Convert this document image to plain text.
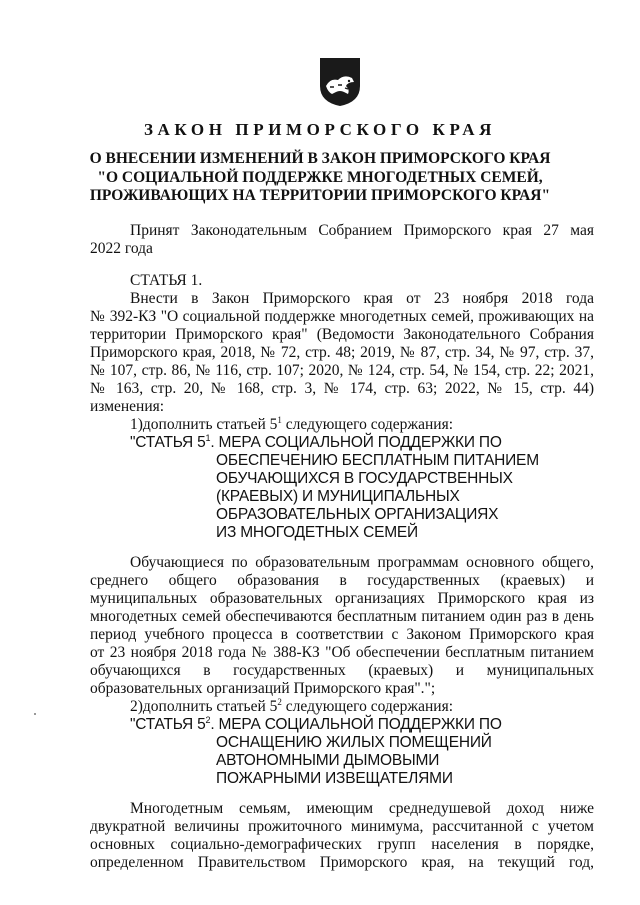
ЗАКОН ПРИМОРСКОГО КРАЯ
О ВНЕСЕНИИ ИЗМЕНЕНИЙ В ЗАКОН ПРИМОРСКОГО КРАЯ
"О СОЦИАЛЬНОЙ ПОДДЕРЖКЕ МНОГОДЕТНЫХ СЕМЕЙ,
ПРОЖИВАЮЩИХ НА ТЕРРИТОРИИ ПРИМОРСКОГО КРАЯ"
Принят Законодательным Собранием Приморского края 27 мая
2022 года
СТАТЬЯ 1.
Внести в Закон Приморского края от 23 ноября 2018 года
№ 392-КЗ "О социальной поддержке многодетных семей, проживающих на
территории Приморского края" (Ведомости Законодательного Собрания
Приморского края, 2018, № 72, стр. 48; 2019, № 87, стр. 34, № 97, стр. 37,
№ 107, стр. 86, № 116, стр. 107; 2020, № 124, стр. 54, № 154, стр. 22; 2021,
№ 163, стр. 20, № 168, стр. 3, № 174, стр. 63; 2022, № 15, стр. 44)
изменения:
1)дополнить статьей $5^1$ следующего содержания:
"СТАТЬЯ $5^1$. МЕРА СОЦИАЛЬНОЙ ПОДДЕРЖКИ ПО
ОБЕСПЕЧЕНИЮ БЕСПЛАТНЫМ ПИТАНИЕМ
ОБУЧАЮЩИХСЯ В ГОСУДАРСТВЕННЫХ
(КРАЕВЫХ) И МУНИЦИПАЛЬНЫХ
ОБРАЗОВАТЕЛЬНЫХ ОРГАНИЗАЦИЯХ
ИЗ МНОГОДЕТНЫХ СЕМЕЙ
Обучающиеся по образовательным программам основного общего,
среднего общего образования в государственных (краевых) и
муниципальных образовательных организациях Приморского края из
многодетных семей обеспечиваются бесплатным питанием один раз в день
период учебного процесса в соответствии с Законом Приморского края
от 23 ноября 2018 года № 388-КЗ "Об обеспечении бесплатным питанием
обучающихся в государственных (краевых) и муниципальных
образовательных организаций Приморского края".";
2)дополнить статьей $5^2$ следующего содержания:
"СТАТЬЯ $5^2$. МЕРА СОЦИАЛЬНОЙ ПОДДЕРЖКИ ПО
ОСНАЩЕНИЮ ЖИЛЫХ ПОМЕЩЕНИЙ
АВТОНОМНЫМИ ДЫМОВЫМИ
ПОЖАРНЫМИ ИЗВЕЩАТЕЛЯМИ
Многодетным семьям, имеющим среднедушевой доход ниже
двукратной величины прожиточного минимума, рассчитанной с учетом
основных социально-демографических групп населения в порядке,
определенном Правительством Приморского края, на текущий год,
